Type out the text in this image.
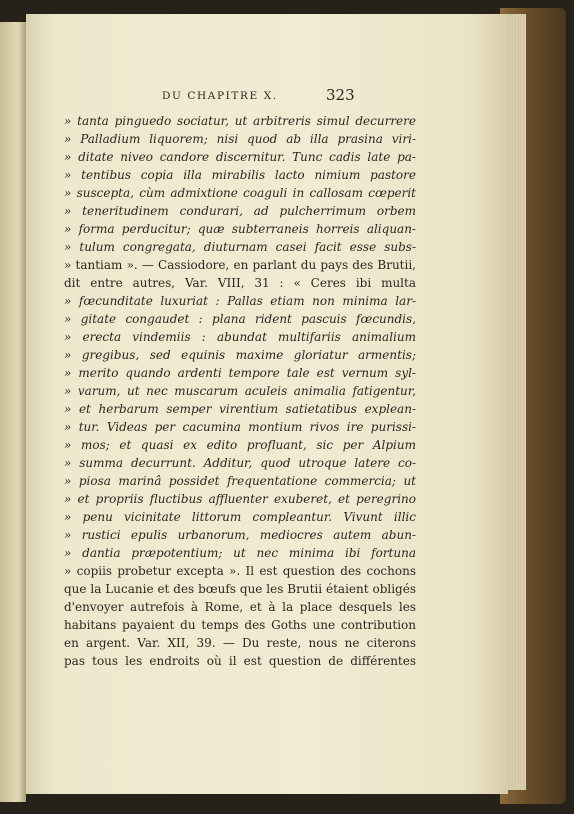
DU CHAPITRE X.	323
» tanta pinguedo sociatur, ut arbitreris simul decurrere
» Palladium liquorem; nisi quod ab illa prasina viri-
» ditate niveo candore discernitur. Tunc cadis late pa-
» tentibus copia illa mirabilis lacto nimium pastore
» suscepta, cùm admixtione coaguli in callosam cœperit
» teneritudinem condurari, ad pulcherrimum orbem
» forma perducitur; quæ subterraneis horreis aliquan-
» tulum congregata, diuturnam casei facit esse subs-
» tantiam ». — Cassiodore, en parlant du pays des Brutii,
dit entre autres, Var. VIII, 31 : « Ceres ibi multa
» fœcunditate luxuriat : Pallas etiam non minima lar-
» gitate congaudet : plana rident pascuis fœcundis,
» erecta vindemiis : abundat multifariis animalium
» gregibus, sed equinis maxime gloriatur armentis;
» merito quando ardenti tempore tale est vernum syl-
» varum, ut nec muscarum aculeis animalia fatigentur,
» et herbarum semper virentium satietatibus explean-
» tur. Videas per cacumina montium rivos ire purissi-
» mos; et quasi ex edito profluant, sic per Alpium
» summa decurrunt. Additur, quod utroque latere co-
» piosa marinâ possidet frequentatione commercia; ut
» et propriis fluctibus affluenter exuberet, et peregrino
» penu vicinitate littorum compleantur. Vivunt illic
» rustici epulis urbanorum, mediocres autem abun-
» dantia præpotentium; ut nec minima ibi fortuna
» copiis probetur excepta ». Il est question des cochons
que la Lucanie et des bœufs que les Brutii étaient obligés
d'envoyer autrefois à Rome, et à la place desquels les
habitans payaient du temps des Goths une contribution
en argent. Var. XII, 39. — Du reste, nous ne citerons
pas tous les endroits où il est question de différentes
